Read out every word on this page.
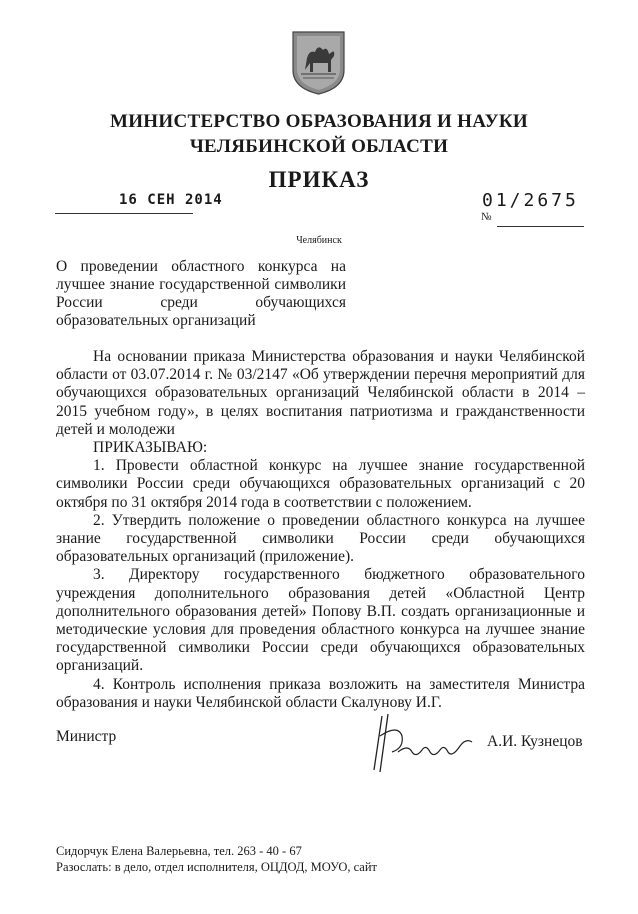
МИНИСТЕРСТВО ОБРАЗОВАНИЯ И НАУКИ
ЧЕЛЯБИНСКОЙ ОБЛАСТИ
ПРИКАЗ
16 СЕН 2014	01/2675
№
Челябинск
О проведении областного конкурса на
лучшее знание государственной символики
России среди обучающихся
образовательных организаций
На основании приказа Министерства образования и науки Челябинской области от 03.07.2014 г. № 03/2147 «Об утверждении перечня мероприятий для обучающихся образовательных организаций Челябинской области в 2014 – 2015 учебном году», в целях воспитания патриотизма и гражданственности детей и молодежи
ПРИКАЗЫВАЮ:
1. Провести областной конкурс на лучшее знание государственной символики России среди обучающихся образовательных организаций с 20 октября по 31 октября 2014 года в соответствии с положением.
2. Утвердить положение о проведении областного конкурса на лучшее знание государственной символики России среди обучающихся образовательных организаций (приложение).
3. Директору государственного бюджетного образовательного учреждения дополнительного образования детей «Областной Центр дополнительного образования детей» Попову В.П. создать организационные и методические условия для проведения областного конкурса на лучшее знание государственной символики России среди обучающихся образовательных организаций.
4. Контроль исполнения приказа возложить на заместителя Министра образования и науки Челябинской области Скалунову И.Г.
Министр	А.И. Кузнецов
Сидорчук Елена Валерьевна, тел. 263 - 40 - 67
Разослать: в дело, отдел исполнителя, ОЦДОД, МОУО, сайт
